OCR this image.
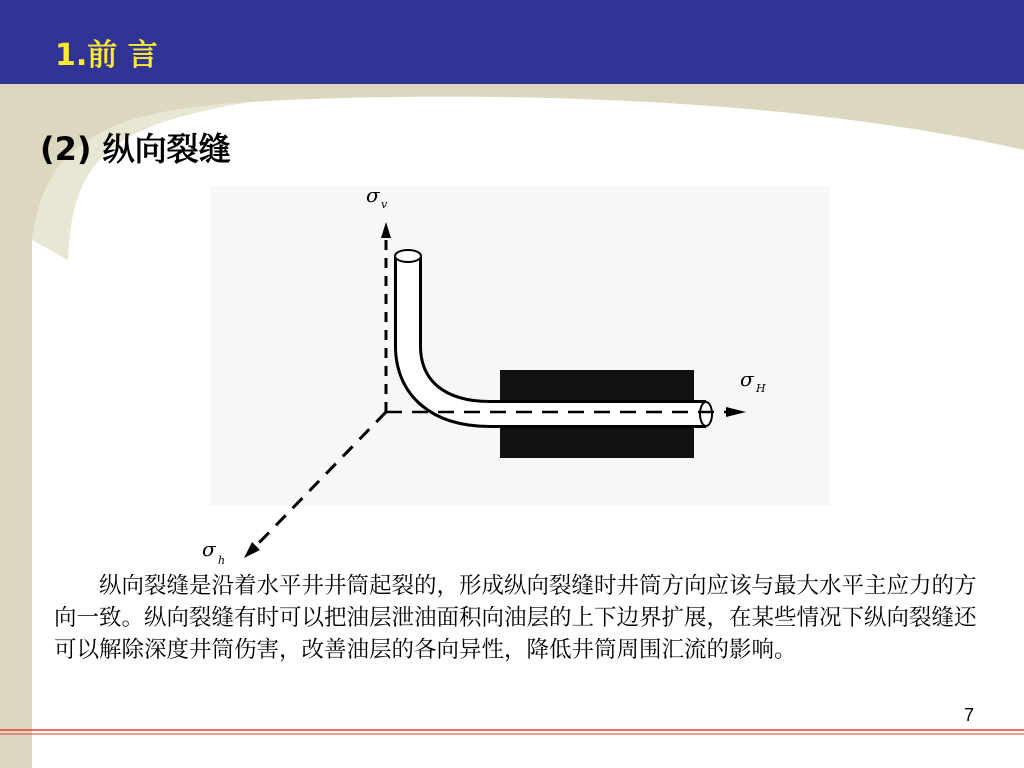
1.前 言
(2) 纵向裂缝
σ v
σ H
σ h
纵向裂缝是沿着水平井井筒起裂的，形成纵向裂缝时井筒方向应该与最大水平主应力的方向一致。纵向裂缝有时可以把油层泄油面积向油层的上下边界扩展，在某些情况下纵向裂缝还可以解除深度井筒伤害，改善油层的各向异性，降低井筒周围汇流的影响。
7
